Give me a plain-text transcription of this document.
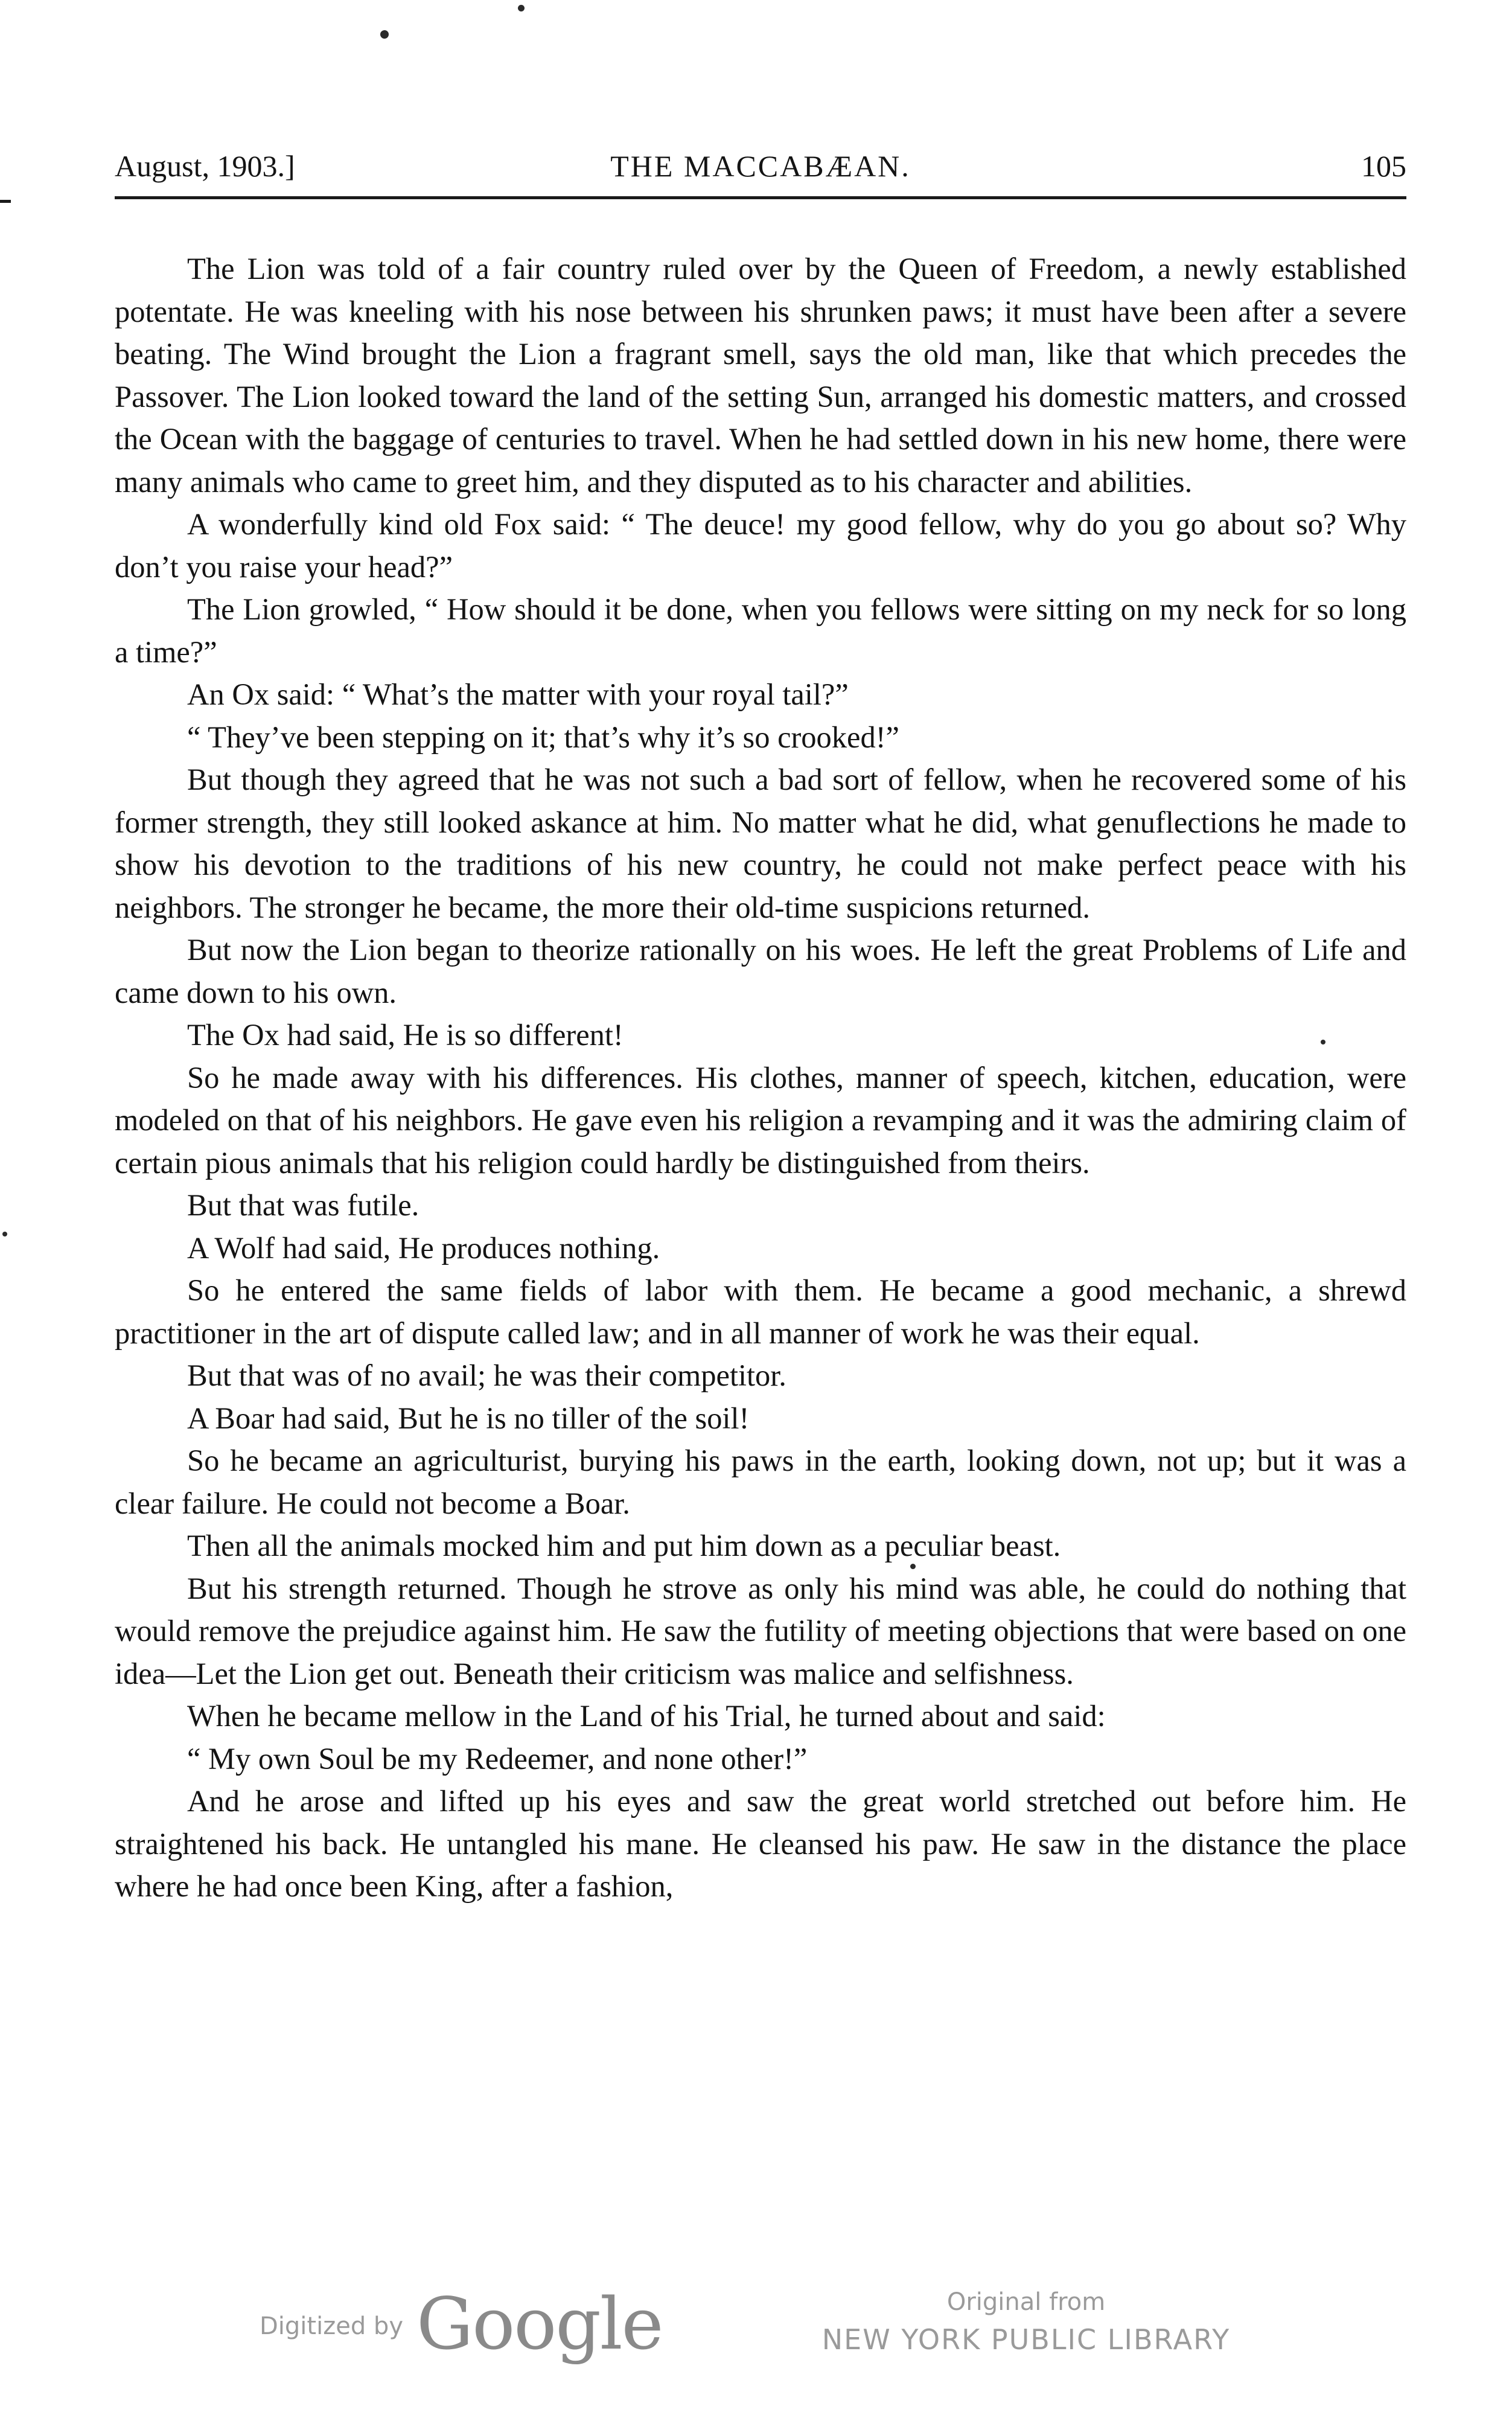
August, 1903.]	THE MACCABÆAN.	105

The Lion was told of a fair country ruled over by the Queen of Freedom, a newly established potentate. He was kneeling with his nose between his shrunken paws; it must have been after a severe beating. The Wind brought the Lion a fragrant smell, says the old man, like that which precedes the Passover. The Lion looked toward the land of the setting Sun, arranged his domestic matters, and crossed the Ocean with the baggage of centuries to travel. When he had settled down in his new home, there were many animals who came to greet him, and they disputed as to his character and abilities.

A wonderfully kind old Fox said: “ The deuce! my good fellow, why do you go about so? Why don’t you raise your head?”

The Lion growled, “ How should it be done, when you fellows were sitting on my neck for so long a time?”

An Ox said: “ What’s the matter with your royal tail?”

“ They’ve been stepping on it; that’s why it’s so crooked!”

But though they agreed that he was not such a bad sort of fellow, when he recovered some of his former strength, they still looked askance at him. No matter what he did, what genuflections he made to show his devotion to the traditions of his new country, he could not make perfect peace with his neighbors. The stronger he became, the more their old-time suspicions returned.

But now the Lion began to theorize rationally on his woes. He left the great Problems of Life and came down to his own.

The Ox had said, He is so different!

So he made away with his differences. His clothes, manner of speech, kitchen, education, were modeled on that of his neighbors. He gave even his religion a revamping and it was the admiring claim of certain pious animals that his religion could hardly be distinguished from theirs.

But that was futile.

A Wolf had said, He produces nothing.

So he entered the same fields of labor with them. He became a good mechanic, a shrewd practitioner in the art of dispute called law; and in all manner of work he was their equal.

But that was of no avail; he was their competitor.

A Boar had said, But he is no tiller of the soil!

So he became an agriculturist, burying his paws in the earth, looking down, not up; but it was a clear failure. He could not become a Boar.

Then all the animals mocked him and put him down as a peculiar beast.

But his strength returned. Though he strove as only his mind was able, he could do nothing that would remove the prejudice against him. He saw the futility of meeting objections that were based on one idea—Let the Lion get out. Beneath their criticism was malice and selfishness.

When he became mellow in the Land of his Trial, he turned about and said:

“ My own Soul be my Redeemer, and none other!”

And he arose and lifted up his eyes and saw the great world stretched out before him. He straightened his back. He untangled his mane. He cleansed his paw. He saw in the distance the place where he had once been King, after a fashion,

Digitized by Google	Original from
NEW YORK PUBLIC LIBRARY
